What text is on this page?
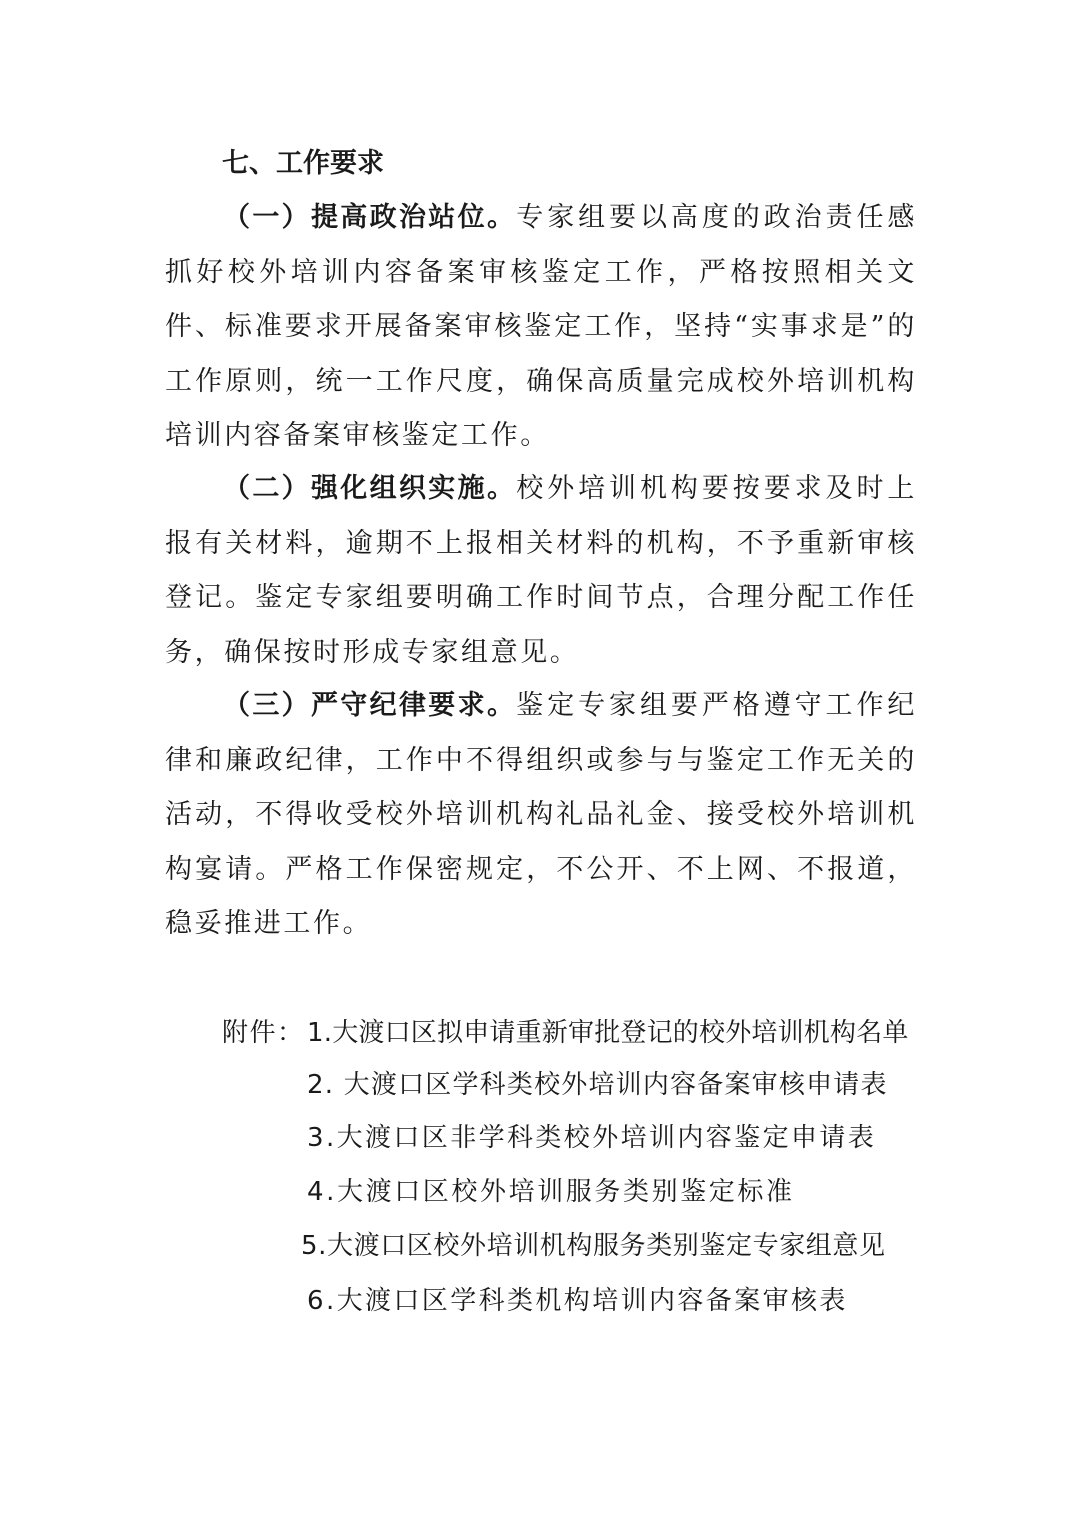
七、工作要求
（一）提高政治站位。专家组要以高度的政治责任感抓好校外培训内容备案审核鉴定工作，严格按照相关文件、标准要求开展备案审核鉴定工作，坚持“实事求是”的工作原则，统一工作尺度，确保高质量完成校外培训机构培训内容备案审核鉴定工作。
（二）强化组织实施。校外培训机构要按要求及时上报有关材料，逾期不上报相关材料的机构，不予重新审核登记。鉴定专家组要明确工作时间节点，合理分配工作任务，确保按时形成专家组意见。
（三）严守纪律要求。鉴定专家组要严格遵守工作纪律和廉政纪律，工作中不得组织或参与与鉴定工作无关的活动，不得收受校外培训机构礼品礼金、接受校外培训机构宴请。严格工作保密规定，不公开、不上网、不报道，稳妥推进工作。
附件： 1.大渡口区拟申请重新审批登记的校外培训机构名单
2. 大渡口区学科类校外培训内容备案审核申请表
3.大渡口区非学科类校外培训内容鉴定申请表
4.大渡口区校外培训服务类别鉴定标准
5.大渡口区校外培训机构服务类别鉴定专家组意见
6.大渡口区学科类机构培训内容备案审核表
